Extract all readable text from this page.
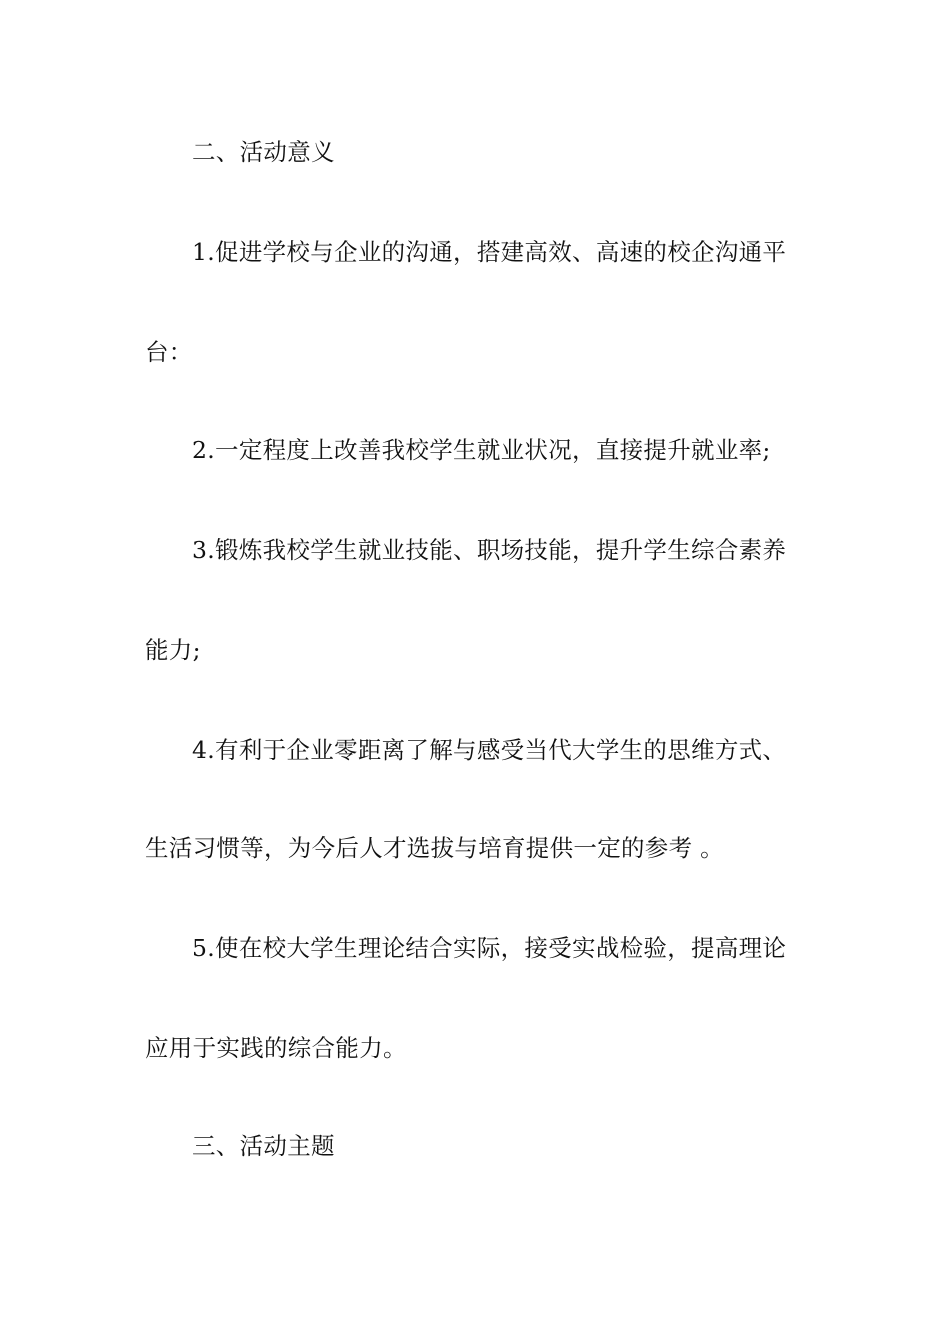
二、活动意义
1.促进学校与企业的沟通，搭建高效、高速的校企沟通平
台：
2.一定程度上改善我校学生就业状况，直接提升就业率;
3.锻炼我校学生就业技能、职场技能，提升学生综合素养
能力;
4.有利于企业零距离了解与感受当代大学生的思维方式、
生活习惯等，为今后人才选拔与培育提供一定的参考 。
5.使在校大学生理论结合实际，接受实战检验，提高理论
应用于实践的综合能力。
三、活动主题
